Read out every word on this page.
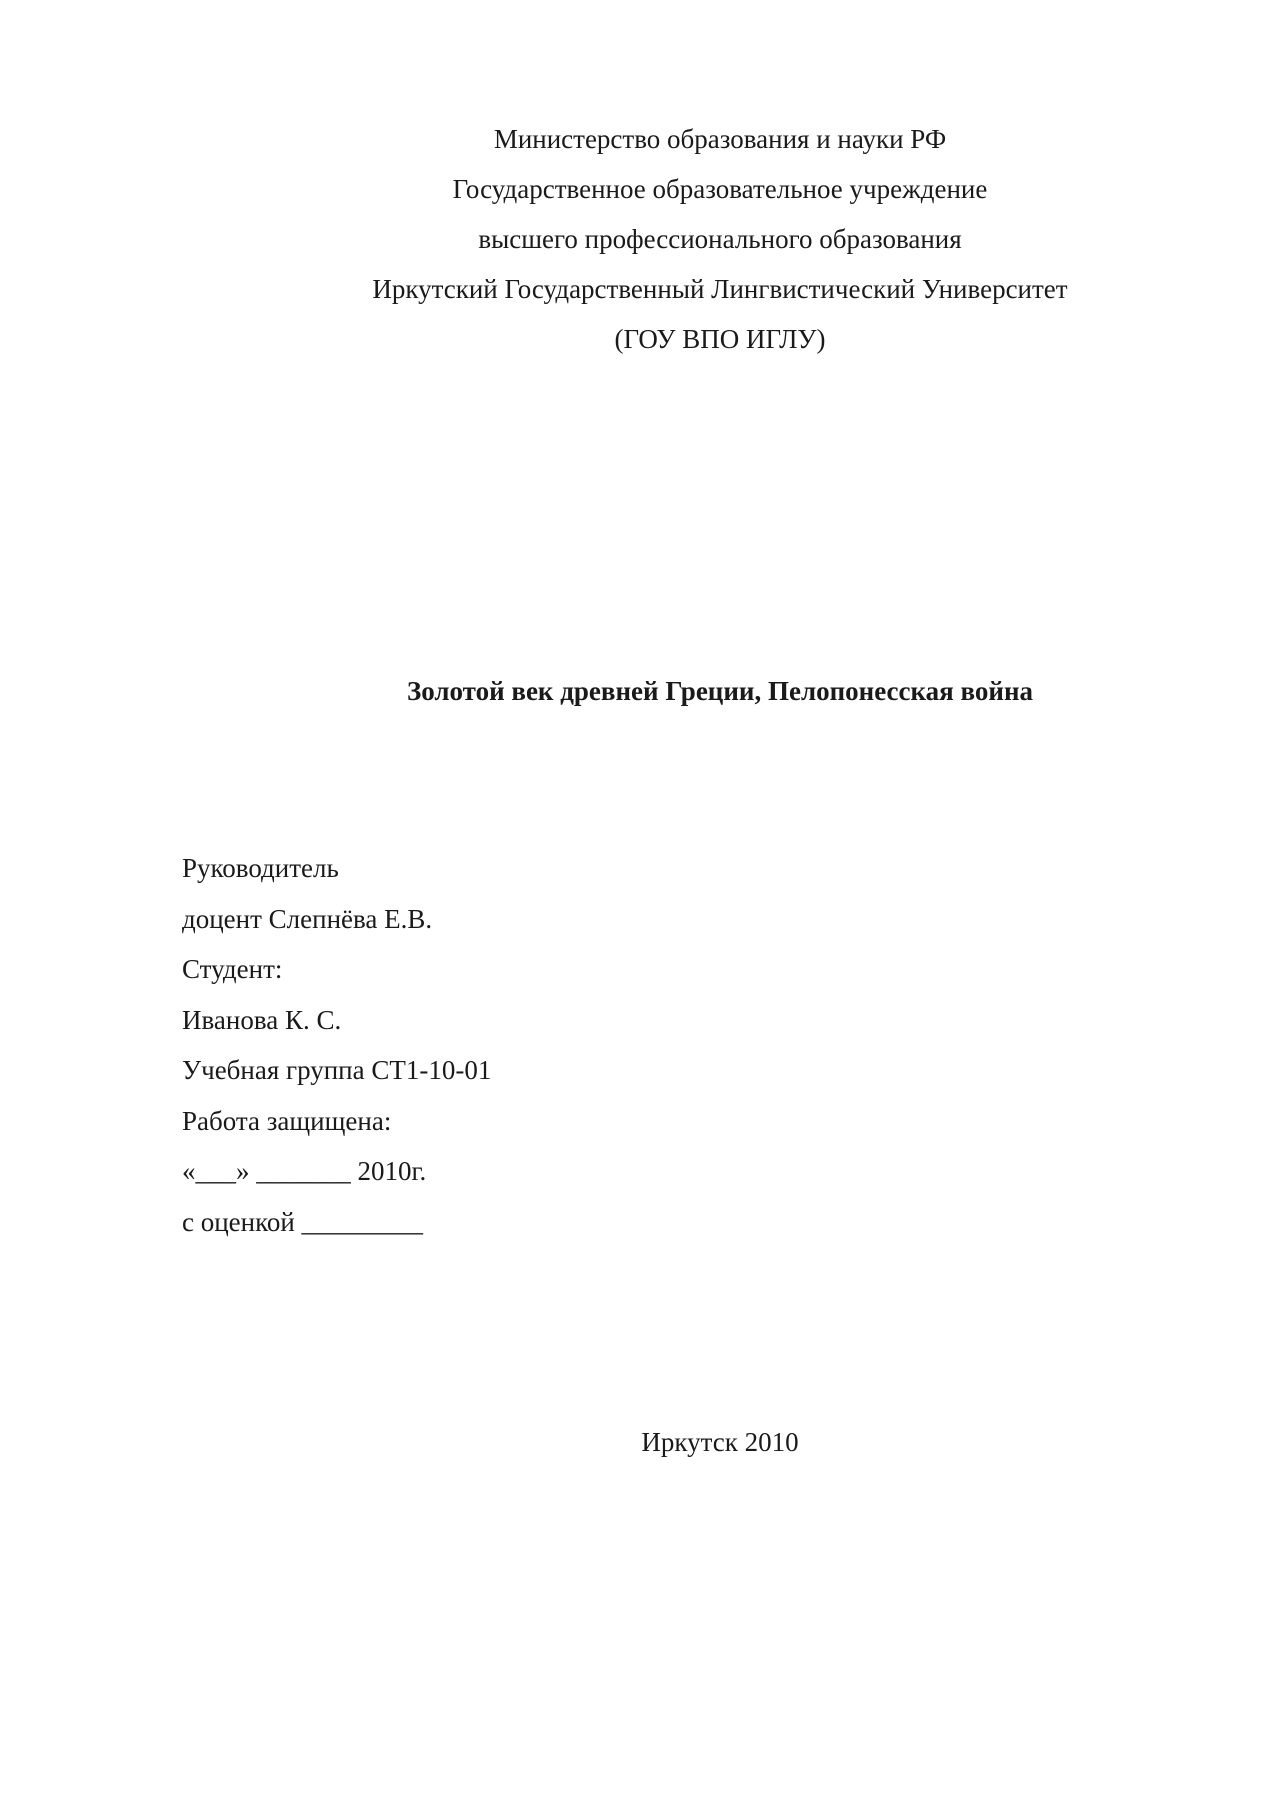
Министерство образования и науки РФ
Государственное образовательное учреждение
высшего профессионального образования
Иркутский Государственный Лингвистический Университет
(ГОУ ВПО ИГЛУ)
Золотой век древней Греции, Пелопонесская война
Руководитель
доцент Слепнёва Е.В.
Студент:
Иванова К. С.
Учебная группа СТ1-10-01
Работа защищена:
«___» _______ 2010г.
с оценкой _________
Иркутск 2010
